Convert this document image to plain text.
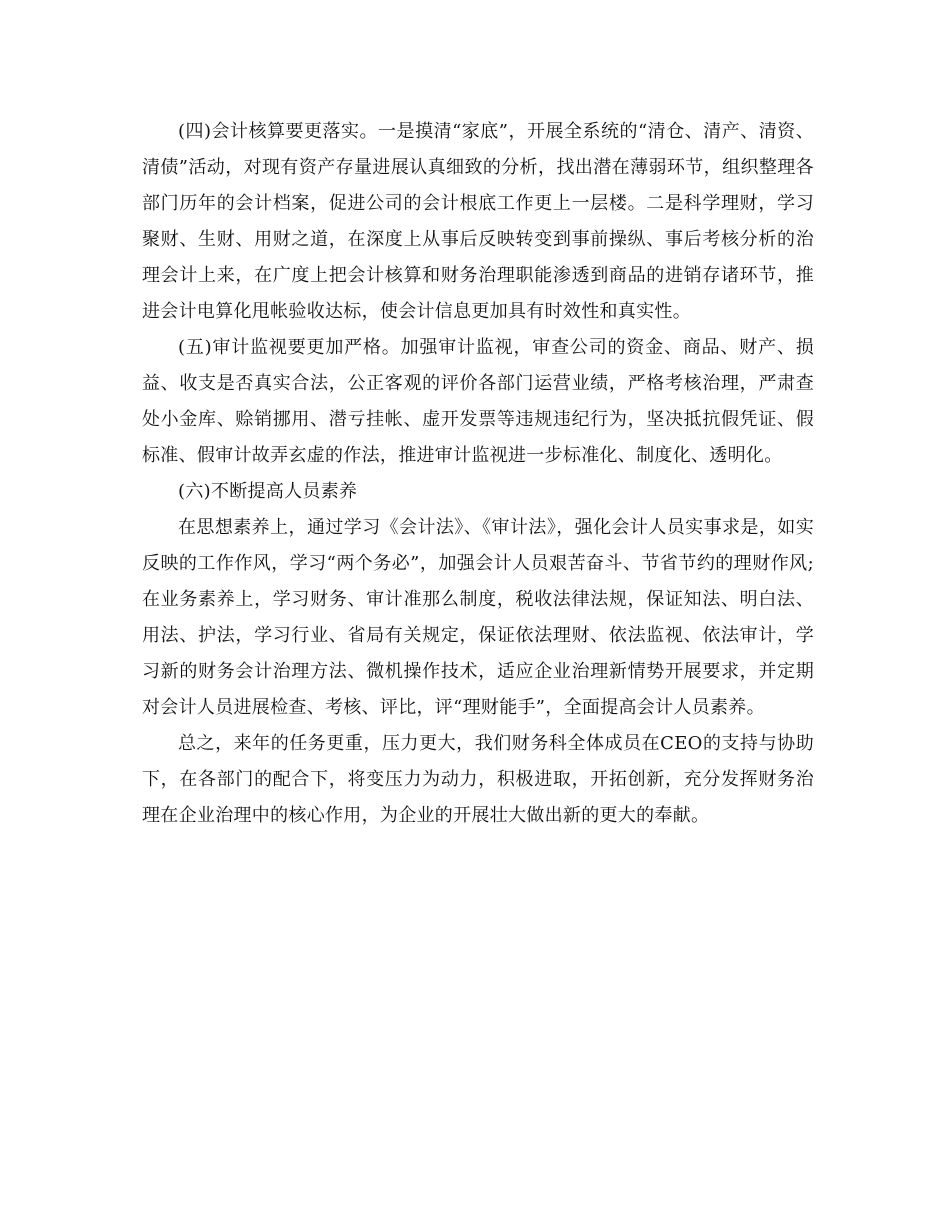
(四)会计核算要更落实。一是摸清“家底”，开展全系统的“清仓、清产、清资、清债”活动，对现有资产存量进展认真细致的分析，找出潜在薄弱环节，组织整理各部门历年的会计档案，促进公司的会计根底工作更上一层楼。二是科学理财，学习聚财、生财、用财之道，在深度上从事后反映转变到事前操纵、事后考核分析的治理会计上来，在广度上把会计核算和财务治理职能渗透到商品的进销存诸环节，推进会计电算化甩帐验收达标，使会计信息更加具有时效性和真实性。

(五)审计监视要更加严格。加强审计监视，审查公司的资金、商品、财产、损益、收支是否真实合法，公正客观的评价各部门运营业绩，严格考核治理，严肃查处小金库、赊销挪用、潜亏挂帐、虚开发票等违规违纪行为，坚决抵抗假凭证、假标准、假审计故弄玄虚的作法，推进审计监视进一步标准化、制度化、透明化。

(六)不断提高人员素养

在思想素养上，通过学习《会计法》、《审计法》，强化会计人员实事求是，如实反映的工作作风，学习“两个务必”，加强会计人员艰苦奋斗、节省节约的理财作风;在业务素养上，学习财务、审计准那么制度，税收法律法规，保证知法、明白法、用法、护法，学习行业、省局有关规定，保证依法理财、依法监视、依法审计，学习新的财务会计治理方法、微机操作技术，适应企业治理新情势开展要求，并定期对会计人员进展检查、考核、评比，评“理财能手”，全面提高会计人员素养。

总之，来年的任务更重，压力更大，我们财务科全体成员在CEO的支持与协助下，在各部门的配合下，将变压力为动力，积极进取，开拓创新，充分发挥财务治理在企业治理中的核心作用，为企业的开展壮大做出新的更大的奉献。
